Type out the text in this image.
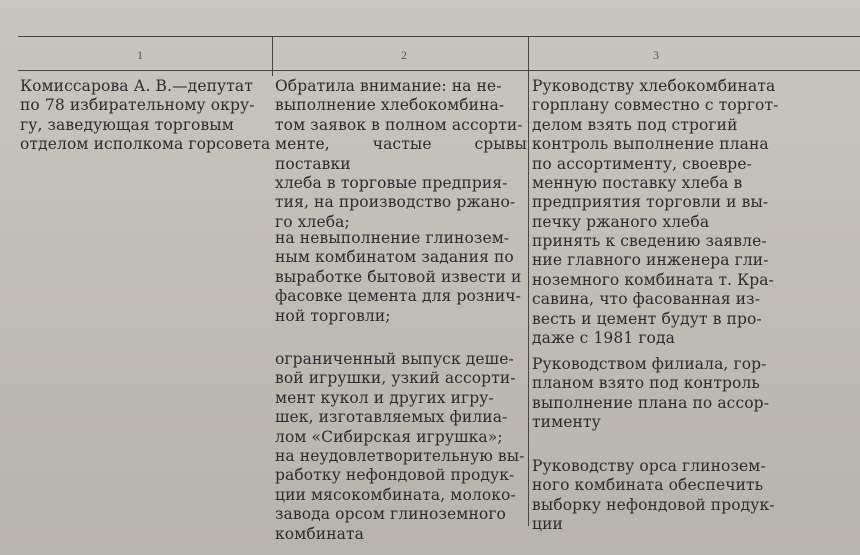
1	2	3

Комиссарова А. В.—депутат

по 78 избирательному окру-

гу, заведующая торговым

отделом исполкома горсовета

Обратила внимание: на не-

выполнение хлебокомбина-

том заявок в полном ассорти-

менте, частые срывы поставки

хлеба в торговые предприя-

тия, на производство ржано-

го хлеба;

на невыполнение глинозем-

ным комбинатом задания по

выработке бытовой извести и

фасовке цемента для рознич-

ной торговли;

ограниченный выпуск деше-

вой игрушки, узкий ассорти-

мент кукол и других игру-

шек, изготавляемых филиа-

лом «Сибирская игрушка»;

на неудовлетворительную вы-

работку нефондовой продук-

ции мясокомбината, молоко-

завода орсом глиноземного

комбината

Руководству хлебокомбината

горплану совместно с торгот-

делом взять под строгий

контроль выполнение плана

по ассортименту, своевре-

менную поставку хлеба в

предприятия торговли и вы-

печку ржаного хлеба

принять к сведению заявле-

ние главного инженера гли-

ноземного комбината т. Кра-

савина, что фасованная из-

весть и цемент будут в про-

даже с 1981 года

Руководством филиала, гор-

планом взято под контроль

выполнение плана по ассор-

тименту

Руководству орса глинозем-

ного комбината обеспечить

выборку нефондовой продук-

ции
